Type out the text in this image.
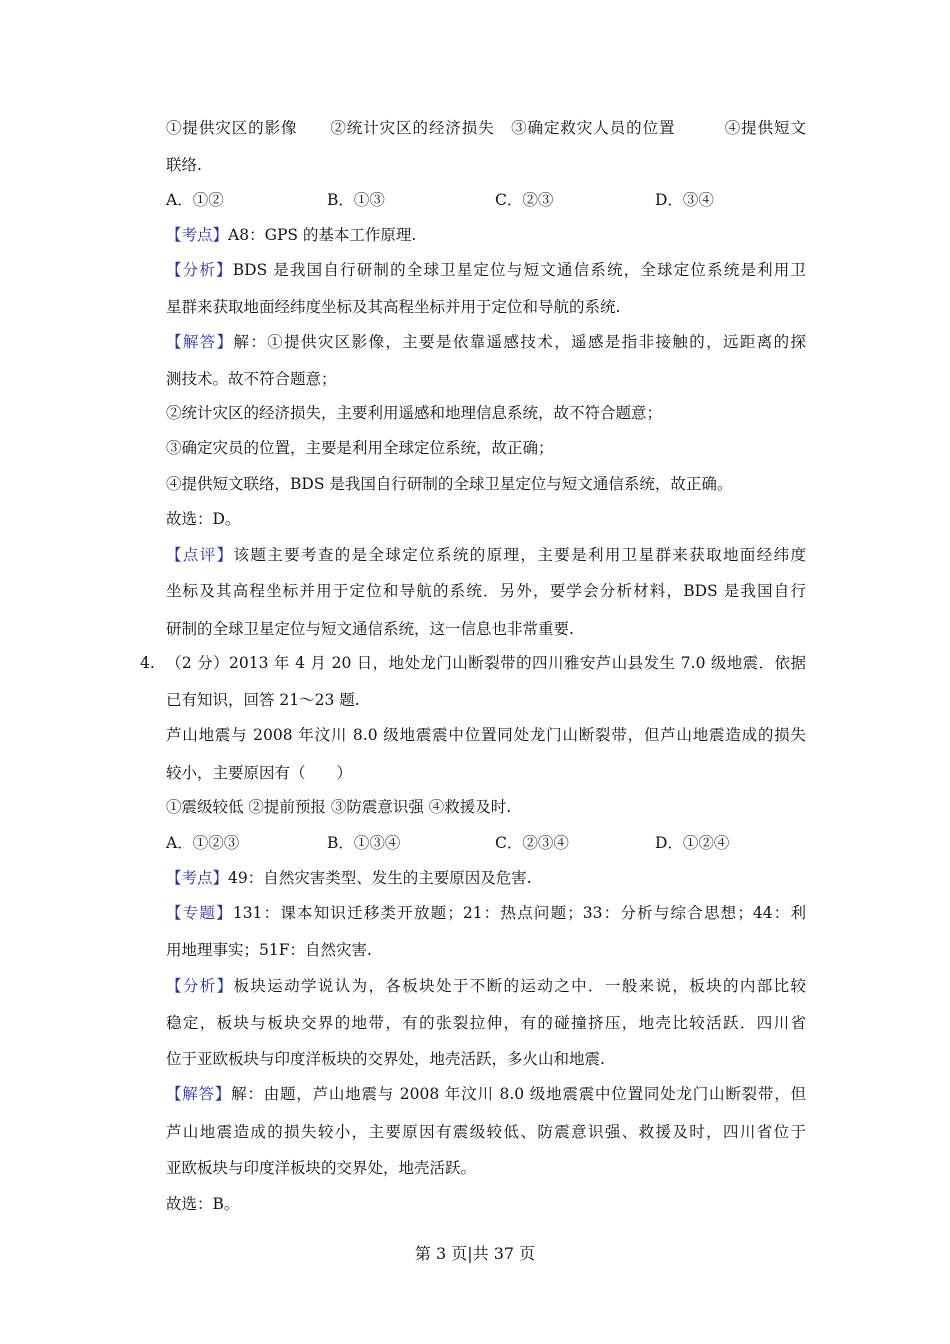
①提供灾区的影像　　②统计灾区的经济损失　③确定救灾人员的位置　　　④提供短文
联络.
A．①②	B．①③	C．②③	D．③④
【考点】A8：GPS 的基本工作原理.
【分析】BDS 是我国自行研制的全球卫星定位与短文通信系统，全球定位系统是利用卫
星群来获取地面经纬度坐标及其高程坐标并用于定位和导航的系统.
【解答】解：①提供灾区影像，主要是依靠遥感技术，遥感是指非接触的，远距离的探
测技术。故不符合题意；
②统计灾区的经济损失，主要利用遥感和地理信息系统，故不符合题意；
③确定灾员的位置，主要是利用全球定位系统，故正确；
④提供短文联络，BDS 是我国自行研制的全球卫星定位与短文通信系统，故正确。
故选：D。
【点评】该题主要考查的是全球定位系统的原理，主要是利用卫星群来获取地面经纬度
坐标及其高程坐标并用于定位和导航的系统．另外，要学会分析材料，BDS 是我国自行
研制的全球卫星定位与短文通信系统，这一信息也非常重要.
4. （2 分）2013 年 4 月 20 日，地处龙门山断裂带的四川雅安芦山县发生 7.0 级地震．依据
已有知识，回答 21～23 题.
芦山地震与 2008 年汶川 8.0 级地震震中位置同处龙门山断裂带，但芦山地震造成的损失
较小，主要原因有（　　）
①震级较低 ②提前预报 ③防震意识强 ④救援及时.
A．①②③	B．①③④	C．②③④	D．①②④
【考点】49：自然灾害类型、发生的主要原因及危害.
【专题】131：课本知识迁移类开放题；21：热点问题；33：分析与综合思想；44：利
用地理事实；51F：自然灾害.
【分析】板块运动学说认为，各板块处于不断的运动之中．一般来说，板块的内部比较
稳定，板块与板块交界的地带，有的张裂拉伸，有的碰撞挤压，地壳比较活跃．四川省
位于亚欧板块与印度洋板块的交界处，地壳活跃，多火山和地震.
【解答】解：由题，芦山地震与 2008 年汶川 8.0 级地震震中位置同处龙门山断裂带，但
芦山地震造成的损失较小，主要原因有震级较低、防震意识强、救援及时，四川省位于
亚欧板块与印度洋板块的交界处，地壳活跃。
故选：B。
第 3 页|共 37 页
